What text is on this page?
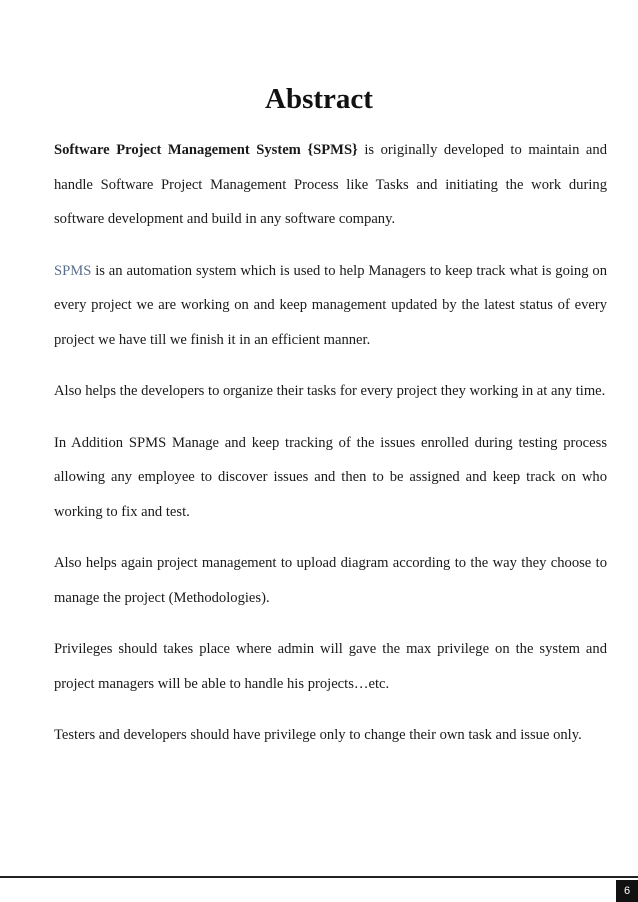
Abstract

Software Project Management System {SPMS} is originally developed to maintain and handle Software Project Management Process like Tasks and initiating the work during software development and build in any software company.

SPMS is an automation system which is used to help Managers to keep track what is going on every project we are working on and keep management updated by the latest status of every project we have till we finish it in an efficient manner.

Also helps the developers to organize their tasks for every project they working in at any time.

In Addition SPMS Manage and keep tracking of the issues enrolled during testing process allowing any employee to discover issues and then to be assigned and keep track on who working to fix and test.

Also helps again project management to upload diagram according to the way they choose to manage the project (Methodologies).

Privileges should takes place where admin will gave the max privilege on the system and project managers will be able to handle his projects…etc.

Testers and developers should have privilege only to change their own task and issue only.

6
